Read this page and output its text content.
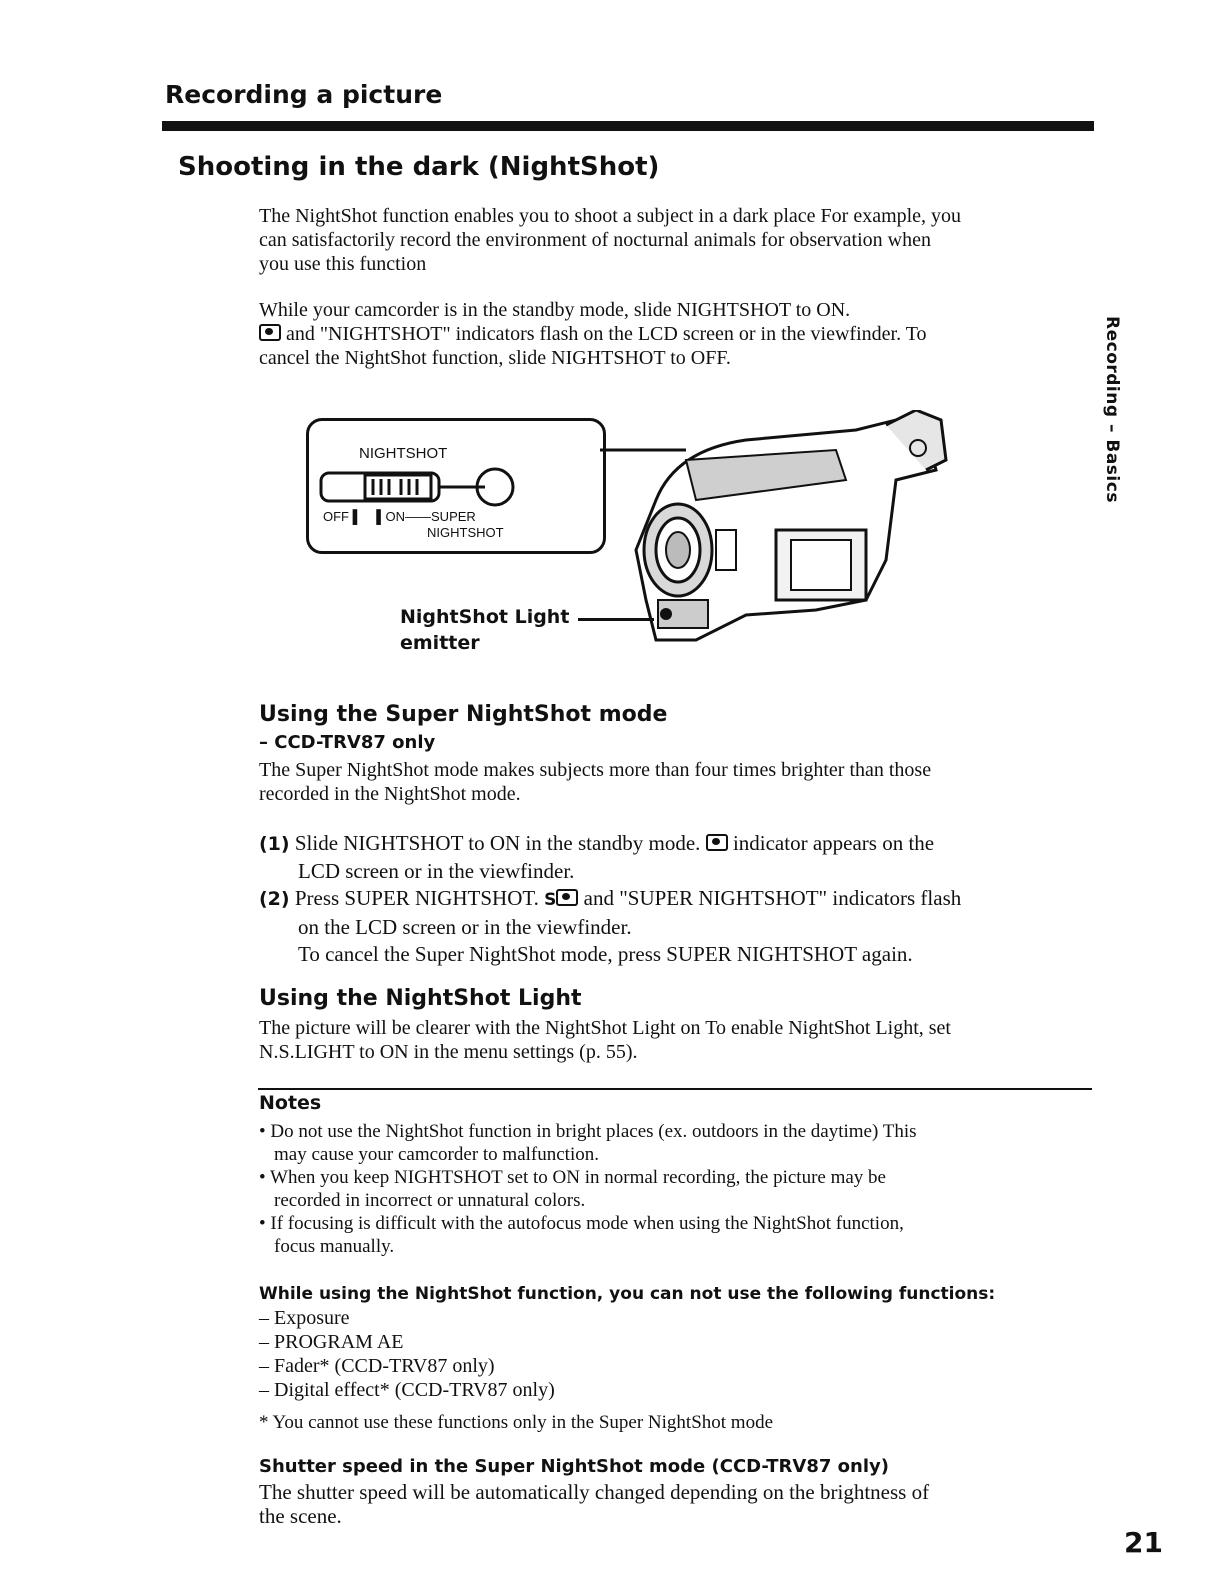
Recording a picture
Shooting in the dark (NightShot)
Recording – Basics
The NightShot function enables you to shoot a subject in a dark place For example, you
can satisfactorily record the environment of nocturnal animals for observation when
you use this function
While your camcorder is in the standby mode, slide NIGHTSHOT to ON.
and "NIGHTSHOT" indicators flash on the LCD screen or in the viewfinder. To
cancel the NightShot function, slide NIGHTSHOT to OFF.
NIGHTSHOT
OFF ▌ ▌ON——SUPER
NIGHTSHOT
NightShot Light
emitter
Using the Super NightShot mode
– CCD-TRV87 only
The Super NightShot mode makes subjects more than four times brighter than those
recorded in the NightShot mode.
(1) Slide NIGHTSHOT to ON in the standby mode. indicator appears on the
LCD screen or in the viewfinder.
(2) Press SUPER NIGHTSHOT. S and "SUPER NIGHTSHOT" indicators flash
on the LCD screen or in the viewfinder.
To cancel the Super NightShot mode, press SUPER NIGHTSHOT again.
Using the NightShot Light
The picture will be clearer with the NightShot Light on To enable NightShot Light, set
N.S.LIGHT to ON in the menu settings (p. 55).
Notes
• Do not use the NightShot function in bright places (ex. outdoors in the daytime) This
may cause your camcorder to malfunction.
• When you keep NIGHTSHOT set to ON in normal recording, the picture may be
recorded in incorrect or unnatural colors.
• If focusing is difficult with the autofocus mode when using the NightShot function,
focus manually.
While using the NightShot function, you can not use the following functions:
– Exposure
– PROGRAM AE
– Fader* (CCD-TRV87 only)
– Digital effect* (CCD-TRV87 only)
* You cannot use these functions only in the Super NightShot mode
Shutter speed in the Super NightShot mode (CCD-TRV87 only)
The shutter speed will be automatically changed depending on the brightness of
the scene.
21
